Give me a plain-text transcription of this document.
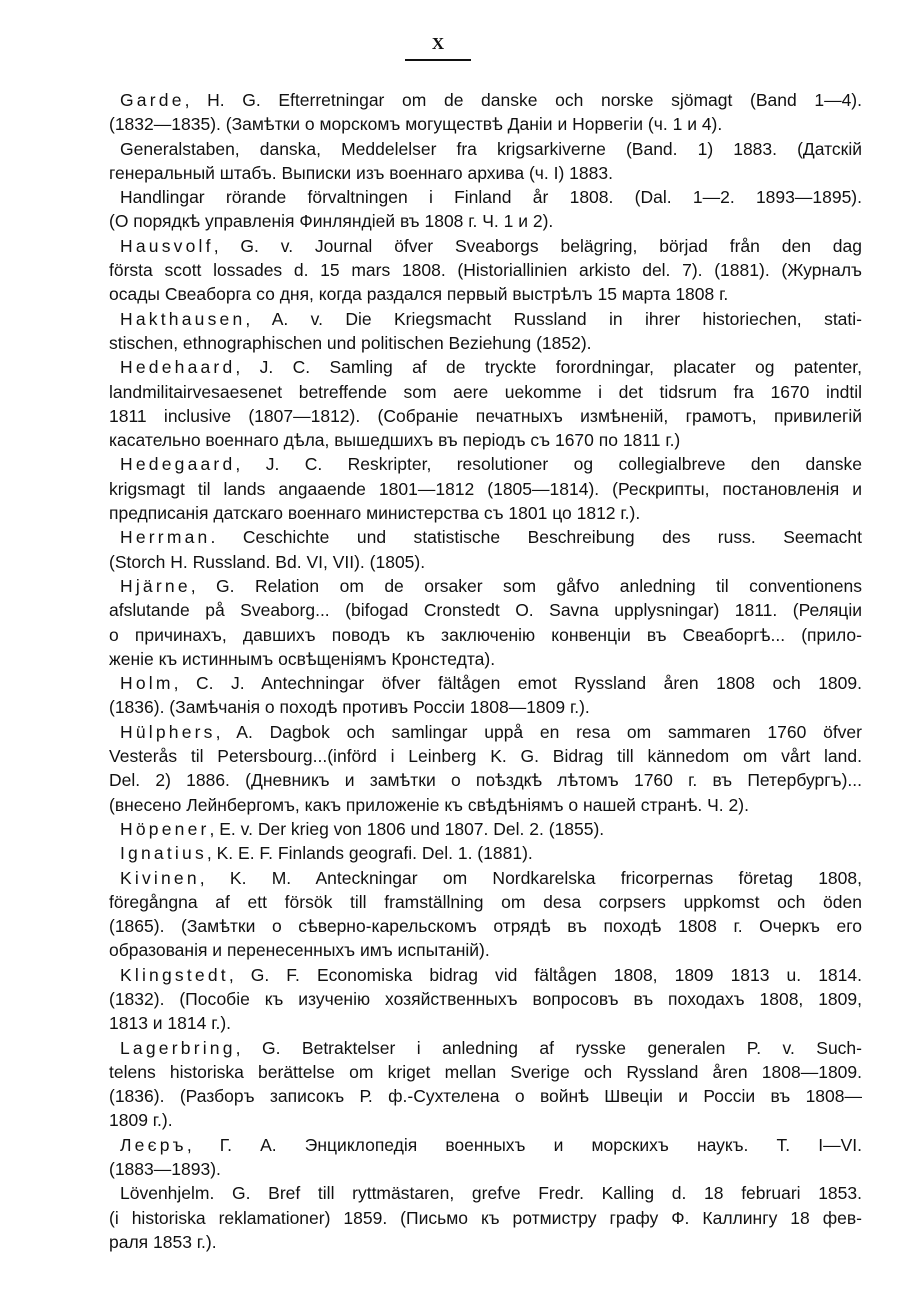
X
Garde, H. G. Efterretningar om de danske och norske sjömagt (Band 1—4).
(1832—1835). (Замѣтки о морскомъ могуществѣ Даніи и Норвегіи (ч. 1 и 4).
Generalstaben, danska, Meddelelser fra krigsarkiverne (Band. 1) 1883. (Датскій
генеральный штабъ. Выписки изъ военнаго архива (ч. I) 1883.
Handlingar rörande förvaltningen i Finland år 1808. (Dal. 1—2. 1893—1895).
(О порядкѣ управленія Финляндіей въ 1808 г. Ч. 1 и 2).
Hausvolf, G. v. Journal öfver Sveaborgs belägring, börjad från den dag
första scott lossades d. 15 mars 1808. (Historiallinien arkisto del. 7). (1881). (Журналъ
осады Свеаборга со дня, когда раздался первый выстрѣлъ 15 марта 1808 г.
Hakthausen, A. v. Die Kriegsmacht Russland in ihrer historiechen, stati-
stischen, ethnographischen und politischen Beziehung (1852).
Hedehaard, J. C. Samling af de tryckte forordningar, placater og patenter,
landmilitairvesaesenet betreffende som aere uekomme i det tidsrum fra 1670 indtil
1811 inclusive (1807—1812). (Собраніе печатныхъ измѣненій, грамотъ, привилегій
касательно военнаго дѣла, вышедшихъ въ періодъ съ 1670 по 1811 г.)
Hedegaard, J. C. Reskripter, resolutioner og collegialbreve den danske
krigsmagt til lands angaaende 1801—1812 (1805—1814). (Рескрипты, постановленія и
предписанія датскаго военнаго министерства съ 1801 цо 1812 г.).
Herrman. Ceschichte und statistische Beschreibung des russ. Seemacht
(Storch H. Russland. Bd. VI, VII). (1805).
Hjärne, G. Relation om de orsaker som gåfvo anledning til conventionens
afslutande på Sveaborg... (bifogad Cronstedt O. Savna upplysningar) 1811. (Реляціи
о причинахъ, давшихъ поводъ къ заключенію конвенціи въ Свеаборгѣ... (прило-
женіе къ истиннымъ освѣщеніямъ Кронстедта).
Holm, C. J. Antechningar öfver fältågen emot Ryssland åren 1808 och 1809.
(1836). (Замѣчанія о походѣ противъ Россіи 1808—1809 г.).
Hülphers, A. Dagbok och samlingar uppå en resa om sammaren 1760 öfver
Vesterås til Petersbourg...(införd i Leinberg K. G. Bidrag till kännedom om vårt land.
Del. 2) 1886. (Дневникъ и замѣтки о поѣздкѣ лѣтомъ 1760 г. въ Петербургъ)...
(внесено Лейнбергомъ, какъ приложеніе къ свѣдѣніямъ о нашей странѣ. Ч. 2).
Höpener, E. v. Der krieg von 1806 und 1807. Del. 2. (1855).
Ignatius, K. E. F. Finlands geografi. Del. 1. (1881).
Kivinen, K. M. Anteckningar om Nordkarelska fricorpernas företag 1808,
föregångna af ett försök till framställning om desa corpsers uppkomst och öden
(1865). (Замѣтки о сѣверно-карельскомъ отрядѣ въ походѣ 1808 г. Очеркъ его
образованія и перенесенныхъ имъ испытаній).
Klingstedt, G. F. Economiska bidrag vid fältågen 1808, 1809 1813 u. 1814.
(1832). (Пособіе къ изученію хозяйственныхъ вопросовъ въ походахъ 1808, 1809,
1813 и 1814 г.).
Lagerbring, G. Betraktelser i anledning af rysske generalen P. v. Such-
telens historiska berättelse om kriget mellan Sverige och Ryssland åren 1808—1809.
(1836). (Разборъ записокъ Р. ф.-Сухтелена о войнѣ Швеціи и Россіи въ 1808—
1809 г.).
Леєръ, Г. А. Энциклопедія военныхъ и морскихъ наукъ. Т. I—VI.
(1883—1893).
Lövenhjelm. G. Bref till ryttmästaren, grefve Fredr. Kalling d. 18 februari 1853.
(i historiska reklamationer) 1859. (Письмо къ ротмистру графу Ф. Каллингу 18 фев-
раля 1853 г.).
